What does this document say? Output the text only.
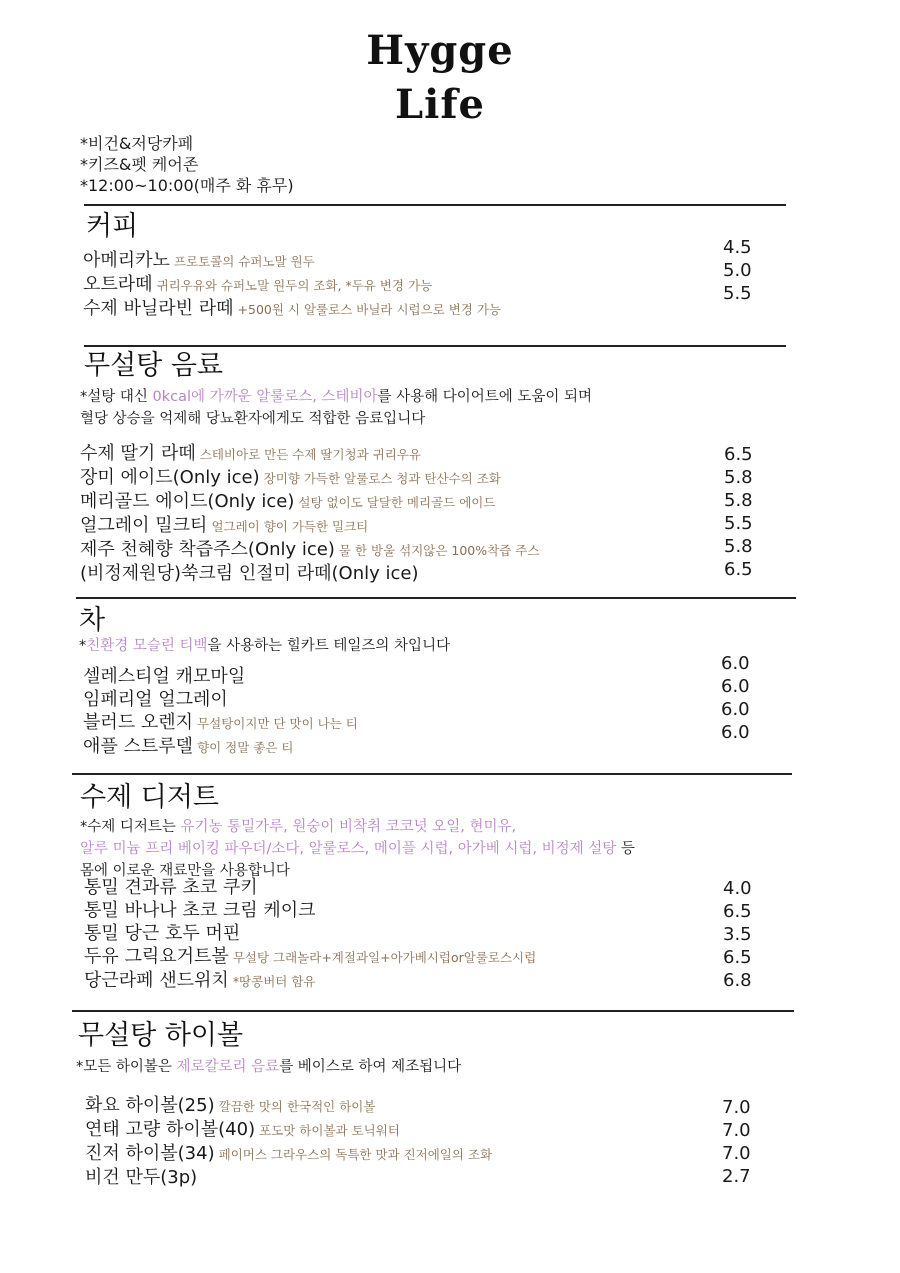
Hygge
Life
*비건&저당카페
*키즈&펫 케어존
*12:00~10:00(매주 화 휴무)
커피
아메리카노 프로토콜의 슈퍼노말 원두
오트라떼 귀리우유와 슈퍼노말 원두의 조화, *두유 변경 가능
수제 바닐라빈 라떼 +500원 시 알룰로스 바닐라 시럽으로 변경 가능
4.5
5.0
5.5
무설탕 음료
*설탕 대신 0kcal에 가까운 알룰로스, 스테비아를 사용해 다이어트에 도움이 되며
혈당 상승을 억제해 당뇨환자에게도 적합한 음료입니다
수제 딸기 라떼 스테비아로 만든 수제 딸기청과 귀리우유
장미 에이드(Only ice) 장미향 가득한 알룰로스 청과 탄산수의 조화
메리골드 에이드(Only ice) 설탕 없이도 달달한 메리골드 에이드
얼그레이 밀크티 얼그레이 향이 가득한 밀크티
제주 천혜향 착즙주스(Only ice) 물 한 방울 섞지않은 100%착즙 주스
(비정제원당)쑥크림 인절미 라떼(Only ice)
6.5
5.8
5.8
5.5
5.8
6.5
차
*친환경 모슬린 티백을 사용하는 힐카트 테일즈의 차입니다
셀레스티얼 캐모마일
임페리얼 얼그레이
블러드 오렌지 무설탕이지만 단 맛이 나는 티
애플 스트루델 향이 정말 좋은 티
6.0
6.0
6.0
6.0
수제 디저트
*수제 디저트는 유기농 통밀가루, 원숭이 비착취 코코넛 오일, 현미유,
알루 미늄 프리 베이킹 파우더/소다, 알룰로스, 메이플 시럽, 아가베 시럽, 비정제 설탕 등
몸에 이로운 재료만을 사용합니다
통밀 견과류 초코 쿠키
통밀 바나나 초코 크림 케이크
통밀 당근 호두 머핀
두유 그릭요거트볼 무설탕 그래놀라+계절과일+아가베시럽or알룰로스시럽
당근라페 샌드위치 *땅콩버터 함유
4.0
6.5
3.5
6.5
6.8
무설탕 하이볼
*모든 하이볼은 제로칼로리 음료를 베이스로 하여 제조됩니다
화요 하이볼(25) 깔끔한 맛의 한국적인 하이볼
연태 고량 하이볼(40) 포도맛 하이볼과 토닉워터
진저 하이볼(34) 페이머스 그라우스의 독특한 맛과 진저에일의 조화
비건 만두(3p)
7.0
7.0
7.0
2.7
